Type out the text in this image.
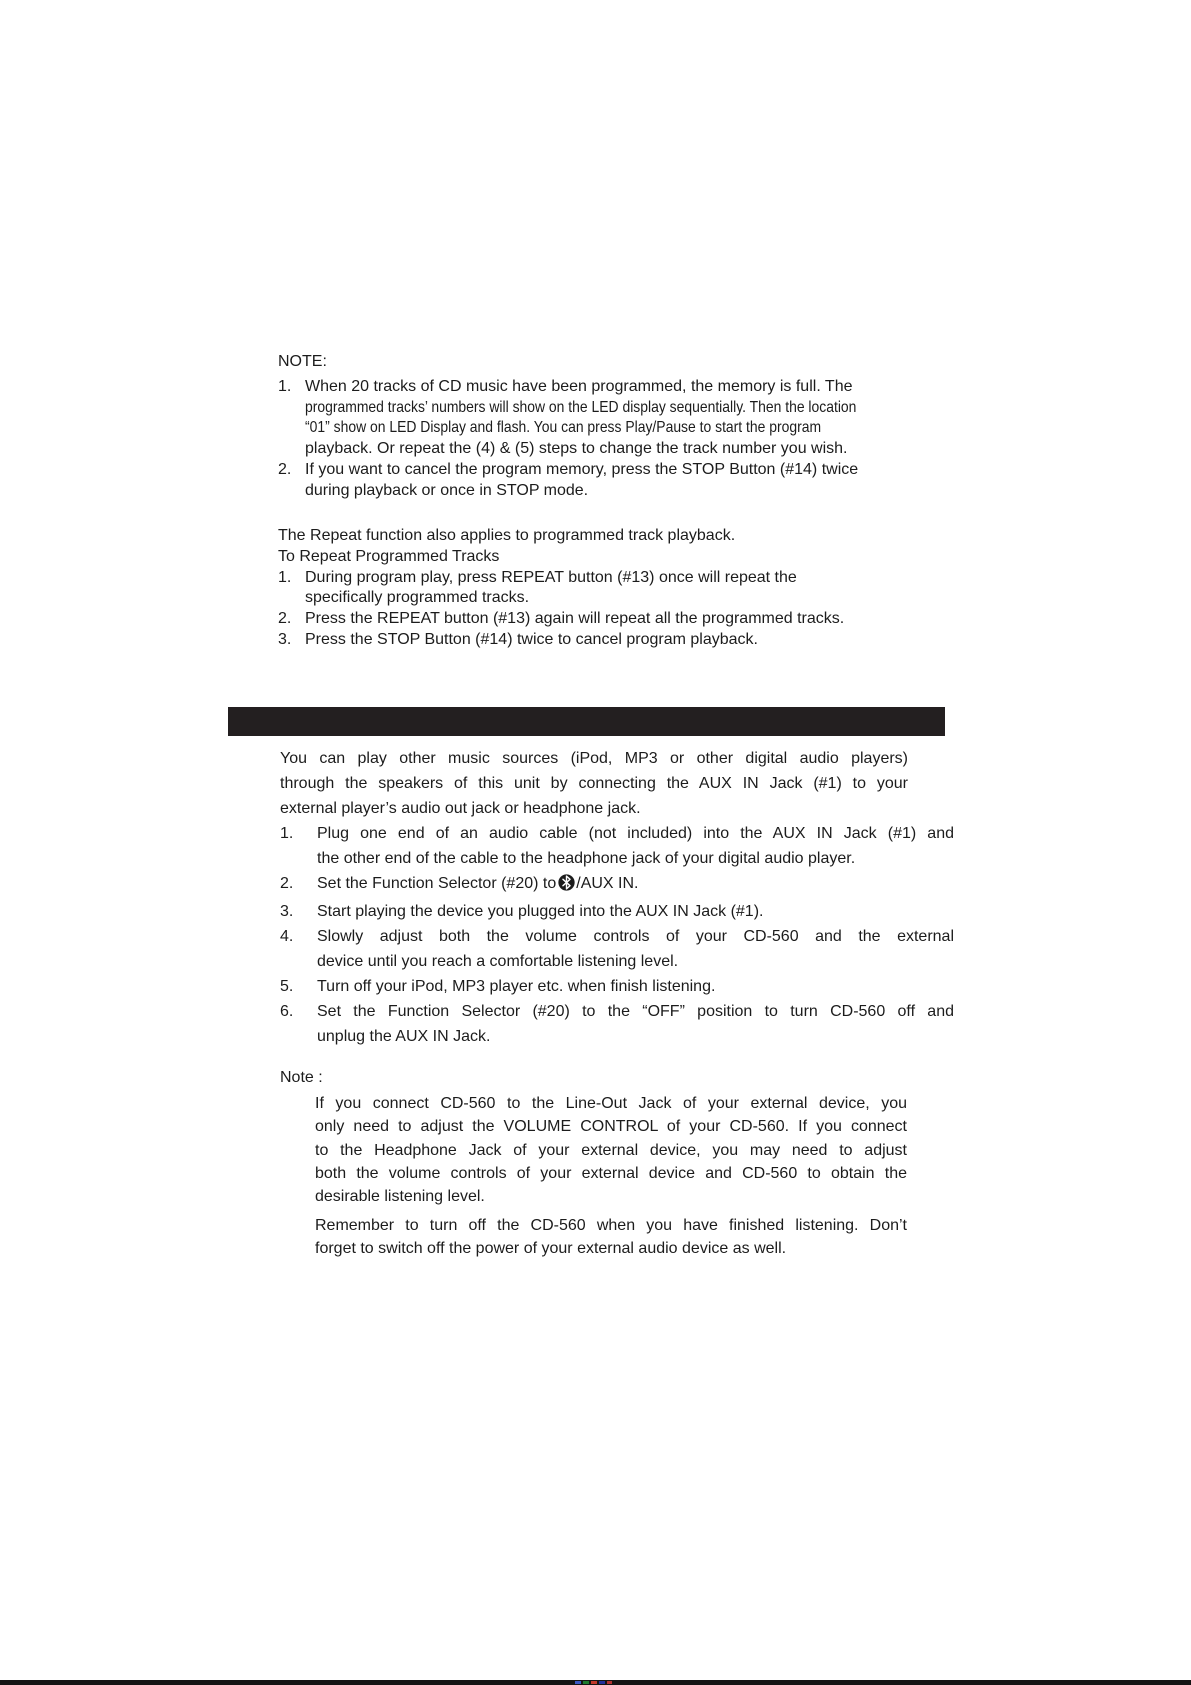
NOTE:
1. When 20 tracks of CD music have been programmed, the memory is full. The
programmed tracks’ numbers will show on the LED display sequentially. Then the location
“01” show on LED Display and flash. You can press Play/Pause to start the program
playback. Or repeat the (4) & (5) steps to change the track number you wish.
2. If you want to cancel the program memory, press the STOP Button (#14) twice
during playback or once in STOP mode.
The Repeat function also applies to programmed track playback.
To Repeat Programmed Tracks
1. During program play, press REPEAT button (#13) once will repeat the
specifically programmed tracks.
2. Press the REPEAT button (#13) again will repeat all the programmed tracks.
3. Press the STOP Button (#14) twice to cancel program playback.
You can play other music sources (iPod, MP3 or other digital audio players)
through the speakers of this unit by connecting the AUX IN Jack (#1) to your
external player’s audio out jack or headphone jack.
1. Plug one end of an audio cable (not included) into the AUX IN Jack (#1) and
the other end of the cable to the headphone jack of your digital audio player.
2. Set the Function Selector (#20) to /AUX IN.
3. Start playing the device you plugged into the AUX IN Jack (#1).
4. Slowly adjust both the volume controls of your CD-560 and the external
device until you reach a comfortable listening level.
5. Turn off your iPod, MP3 player etc. when finish listening.
6. Set the Function Selector (#20) to the “OFF” position to turn CD-560 off and
unplug the AUX IN Jack.
Note :
If you connect CD-560 to the Line-Out Jack of your external device, you
only need to adjust the VOLUME CONTROL of your CD-560. If you connect
to the Headphone Jack of your external device, you may need to adjust
both the volume controls of your external device and CD-560 to obtain the
desirable listening level.
Remember to turn off the CD-560 when you have finished listening. Don’t
forget to switch off the power of your external audio device as well.
